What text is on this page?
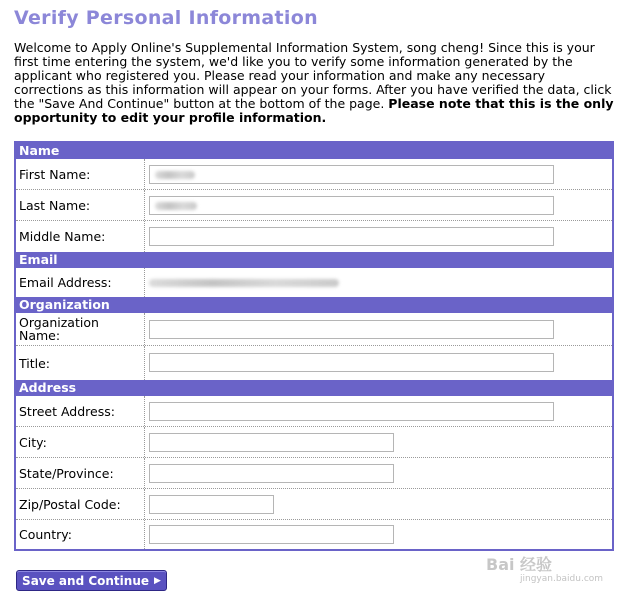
Verify Personal Information

Welcome to Apply Online's Supplemental Information System, song cheng! Since this is your first time entering the system, we'd like you to verify some information generated by the applicant who registered you. Please read your information and make any necessary corrections as this information will appear on your forms. After you have verified the data, click the "Save And Continue" button at the bottom of the page. Please note that this is the only opportunity to edit your profile information.

Name
First Name:
Last Name:
Middle Name:
Email
Email Address:
Organization
Organization Name:
Title:
Address
Street Address:
City:
State/Province:
Zip/Postal Code:
Country:
Save and Continue ▶
Bai 经验
jingyan.baidu.com
